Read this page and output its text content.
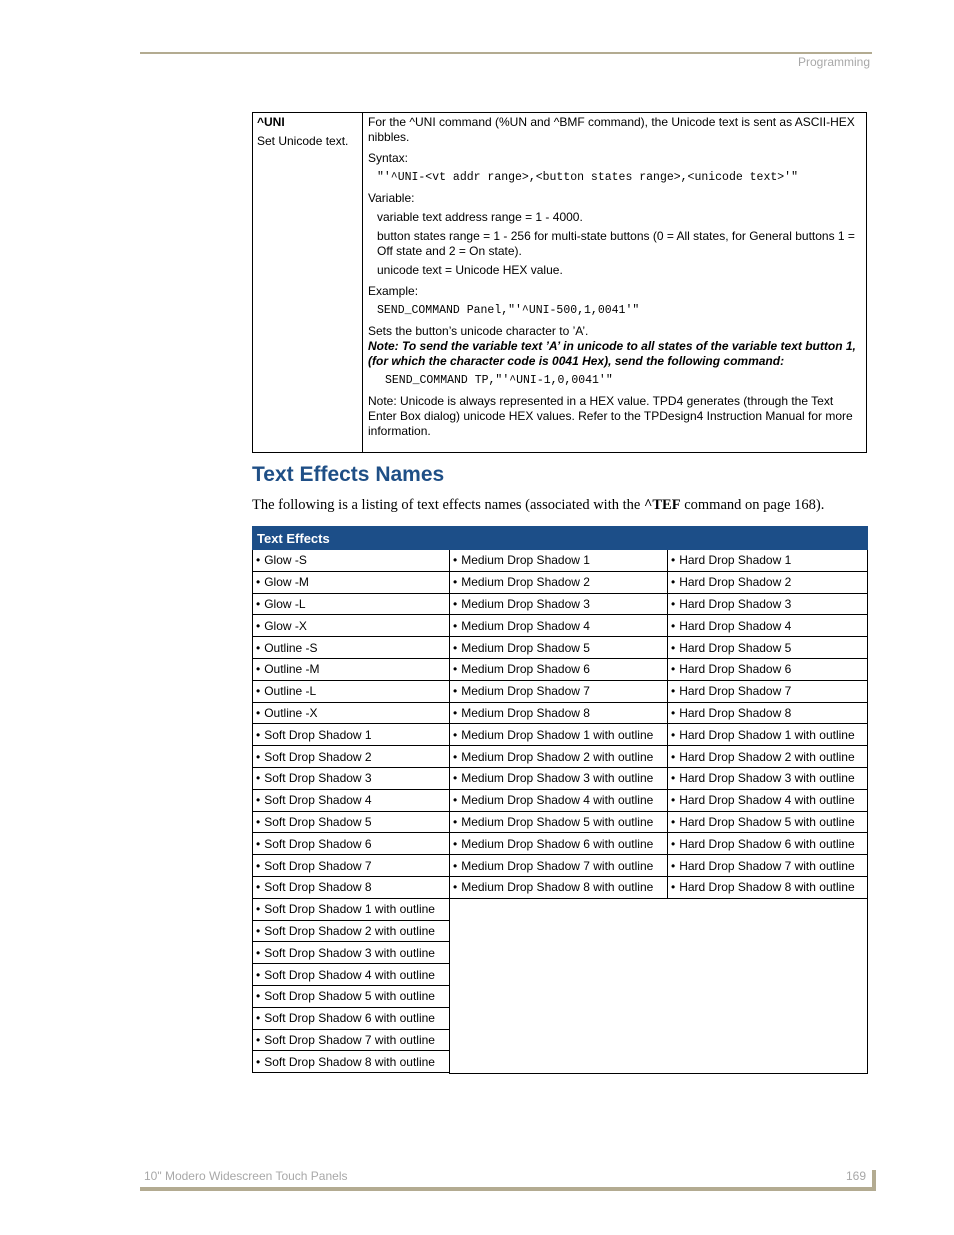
Programming
^UNI
Set Unicode text.

For the ^UNI command (%UN and ^BMF command), the Unicode text is sent as ASCII-HEX nibbles.

Syntax:

"'^UNI-<vt addr range>,<button states range>,<unicode text>'"

Variable:

variable text address range = 1 - 4000.

button states range = 1 - 256 for multi-state buttons (0 = All states, for General buttons 1 = Off state and 2 = On state).

unicode text = Unicode HEX value.

Example:

SEND_COMMAND Panel,"'^UNI-500,1,0041'"

Sets the button’s unicode character to ’A’.

Note: To send the variable text ’A’ in unicode to all states of the variable text button 1, (for which the character code is 0041 Hex), send the following command:

SEND_COMMAND TP,"'^UNI-1,0,0041'"

Note: Unicode is always represented in a HEX value. TPD4 generates (through the Text Enter Box dialog) unicode HEX values. Refer to the TPDesign4 Instruction Manual for more information.

Text Effects Names
The following is a listing of text effects names (associated with the ^TEF command on page 168).
Text Effects		
• Glow -S	• Medium Drop Shadow 1	• Hard Drop Shadow 1
• Glow -M	• Medium Drop Shadow 2	• Hard Drop Shadow 2
• Glow -L	• Medium Drop Shadow 3	• Hard Drop Shadow 3
• Glow -X	• Medium Drop Shadow 4	• Hard Drop Shadow 4
• Outline -S	• Medium Drop Shadow 5	• Hard Drop Shadow 5
• Outline -M	• Medium Drop Shadow 6	• Hard Drop Shadow 6
• Outline -L	• Medium Drop Shadow 7	• Hard Drop Shadow 7
• Outline -X	• Medium Drop Shadow 8	• Hard Drop Shadow 8
• Soft Drop Shadow 1	• Medium Drop Shadow 1 with outline	• Hard Drop Shadow 1 with outline
• Soft Drop Shadow 2	• Medium Drop Shadow 2 with outline	• Hard Drop Shadow 2 with outline
• Soft Drop Shadow 3	• Medium Drop Shadow 3 with outline	• Hard Drop Shadow 3 with outline
• Soft Drop Shadow 4	• Medium Drop Shadow 4 with outline	• Hard Drop Shadow 4 with outline
• Soft Drop Shadow 5	• Medium Drop Shadow 5 with outline	• Hard Drop Shadow 5 with outline
• Soft Drop Shadow 6	• Medium Drop Shadow 6 with outline	• Hard Drop Shadow 6 with outline
• Soft Drop Shadow 7	• Medium Drop Shadow 7 with outline	• Hard Drop Shadow 7 with outline
• Soft Drop Shadow 8	• Medium Drop Shadow 8 with outline	• Hard Drop Shadow 8 with outline
• Soft Drop Shadow 1 with outline		
• Soft Drop Shadow 2 with outline		
• Soft Drop Shadow 3 with outline		
• Soft Drop Shadow 4 with outline		
• Soft Drop Shadow 5 with outline		
• Soft Drop Shadow 6 with outline		
• Soft Drop Shadow 7 with outline		
• Soft Drop Shadow 8 with outline		
10" Modero Widescreen Touch Panels	169
